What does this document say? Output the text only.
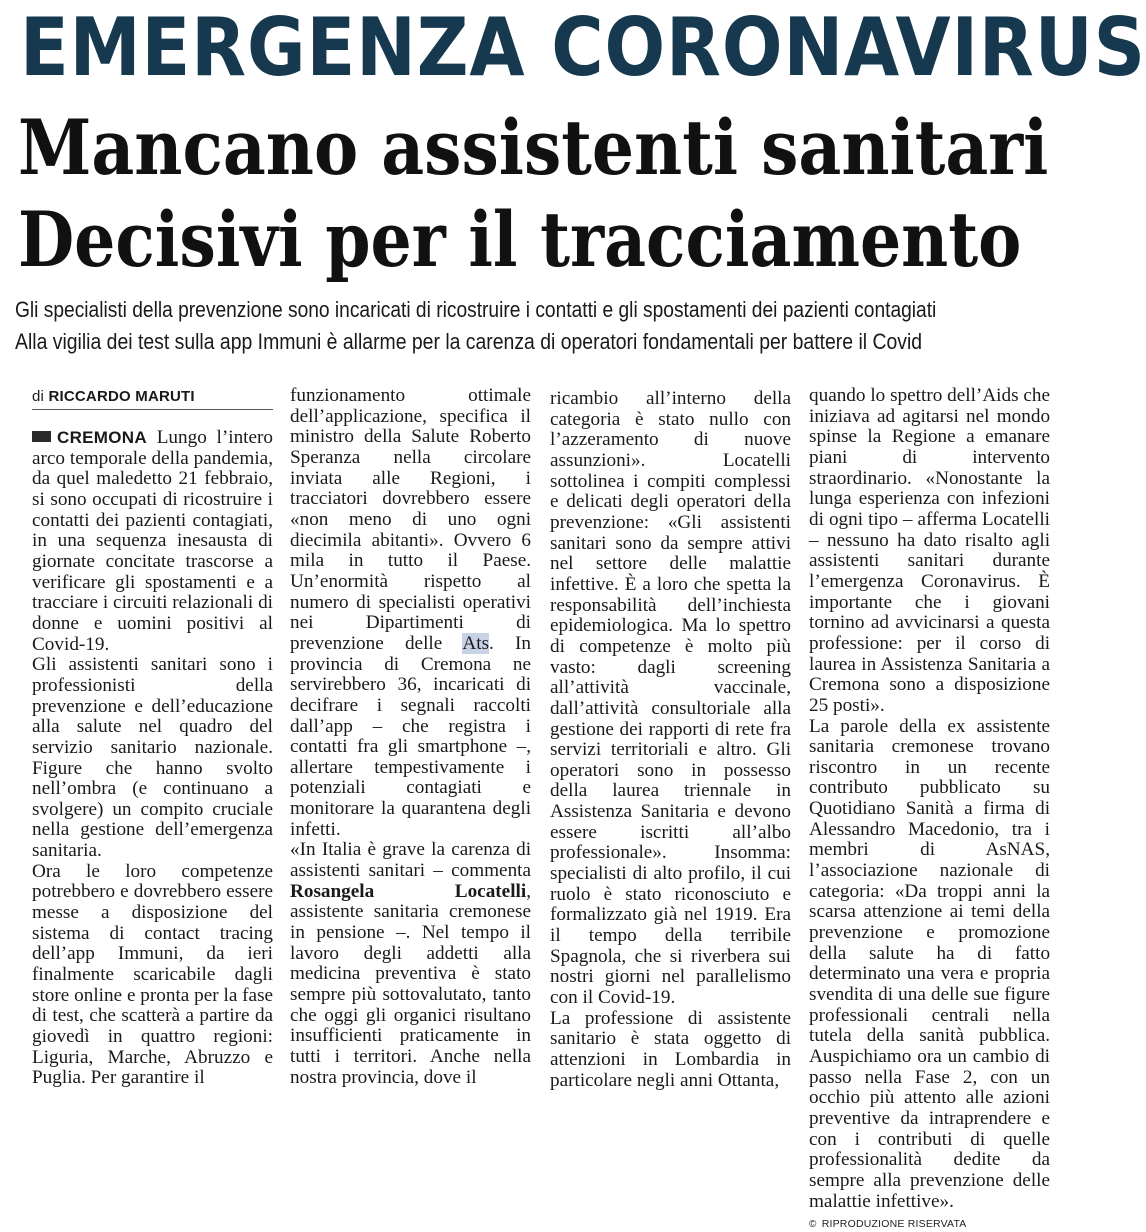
EMERGENZA CORONAVIRUS
Mancano assistenti sanitari
Decisivi per il tracciamento
Gli specialisti della prevenzione sono incaricati di ricostruire i contatti e gli spostamenti dei pazienti contagiati
Alla vigilia dei test sulla app Immuni è allarme per la carenza di operatori fondamentali per battere il Covid
di RICCARDO MARUTI

CREMONA Lungo l’intero arco temporale della pandemia, da quel maledetto 21 febbraio, si sono occupati di ricostruire i contatti dei pazienti contagiati, in una sequenza inesausta di giornate concitate trascorse a verificare gli spostamenti e a tracciare i circuiti relazionali di donne e uomini positivi al Covid-19.

Gli assistenti sanitari sono i professionisti della prevenzione e dell’educazione alla salute nel quadro del servizio sanitario nazionale. Figure che hanno svolto nell’ombra (e continuano a svolgere) un compito cruciale nella gestione dell’emergenza sanitaria.

Ora le loro competenze potrebbero e dovrebbero essere messe a disposizione del sistema di contact tracing dell’app Immuni, da ieri finalmente scaricabile dagli store online e pronta per la fase di test, che scatterà a partire da giovedì in quattro regioni: Liguria, Marche, Abruzzo e Puglia. Per garantire il

funzionamento	ottimale dell’applicazione, specifica il ministro della Salute Roberto Speranza nella circolare inviata alle Regioni, i tracciatori dovrebbero essere «non meno di uno ogni diecimila abitanti». Ovvero 6 mila in tutto il Paese. Un’enormità rispetto al numero di specialisti operativi nei	Dipartimenti	di prevenzione delle Ats. In provincia di Cremona ne servirebbero 36, incaricati di decifrare i segnali raccolti dall’app – che registra i contatti fra gli smartphone –, allertare tempestivamente i potenziali contagiati e monitorare la quarantena degli infetti.

«In Italia è grave la carenza di assistenti sanitari – commenta Rosangela Locatelli, assistente sanitaria cremonese in pensione –. Nel tempo il lavoro degli addetti alla medicina preventiva è stato sempre più sottovalutato, tanto che oggi gli organici risultano insufficienti praticamente in tutti i territori. Anche nella nostra provincia, dove il

ricambio all’interno della categoria è stato nullo con l’azzeramento di nuove assunzioni».	Locatelli sottolinea i compiti complessi e delicati degli operatori della prevenzione: «Gli assistenti sanitari sono da sempre attivi nel settore delle malattie infettive. È a loro che spetta la responsabilità dell’inchiesta epidemiologica. Ma lo spettro di competenze è molto più vasto: dagli screening all’attività	vaccinale, dall’attività consultoriale alla gestione dei rapporti di rete fra servizi territoriali e altro. Gli operatori sono in possesso della laurea triennale in Assistenza Sanitaria e devono essere iscritti all’albo professionale». Insomma: specialisti di alto profilo, il cui ruolo è stato riconosciuto e formalizzato già nel 1919. Era il tempo della terribile Spagnola, che si riverbera sui nostri giorni nel parallelismo con il Covid-19.

La professione di assistente sanitario è stata oggetto di attenzioni in Lombardia in particolare negli anni Ottanta,

quando lo spettro dell’Aids che iniziava ad agitarsi nel mondo spinse la Regione a emanare piani	di	intervento straordinario. «Nonostante la lunga esperienza con infezioni di ogni tipo – afferma Locatelli – nessuno ha dato risalto agli assistenti sanitari durante l’emergenza Coronavirus. È importante che i giovani tornino ad avvicinarsi a questa professione: per il corso di laurea in Assistenza Sanitaria a Cremona sono a disposizione 25 posti».

La parole della ex assistente sanitaria cremonese trovano riscontro in un recente contributo pubblicato su Quotidiano Sanità a firma di Alessandro Macedonio, tra i membri	di	AsNAS, l’associazione nazionale di categoria: «Da troppi anni la scarsa attenzione ai temi della prevenzione e promozione della salute ha di fatto determinato una vera e propria svendita di una delle sue figure professionali centrali nella tutela della sanità pubblica. Auspichiamo ora un cambio di passo nella Fase 2, con un occhio più attento alle azioni preventive da intraprendere e con i contributi di quelle professionalità dedite da sempre alla prevenzione delle malattie infettive».

© RIPRODUZIONE RISERVATA
